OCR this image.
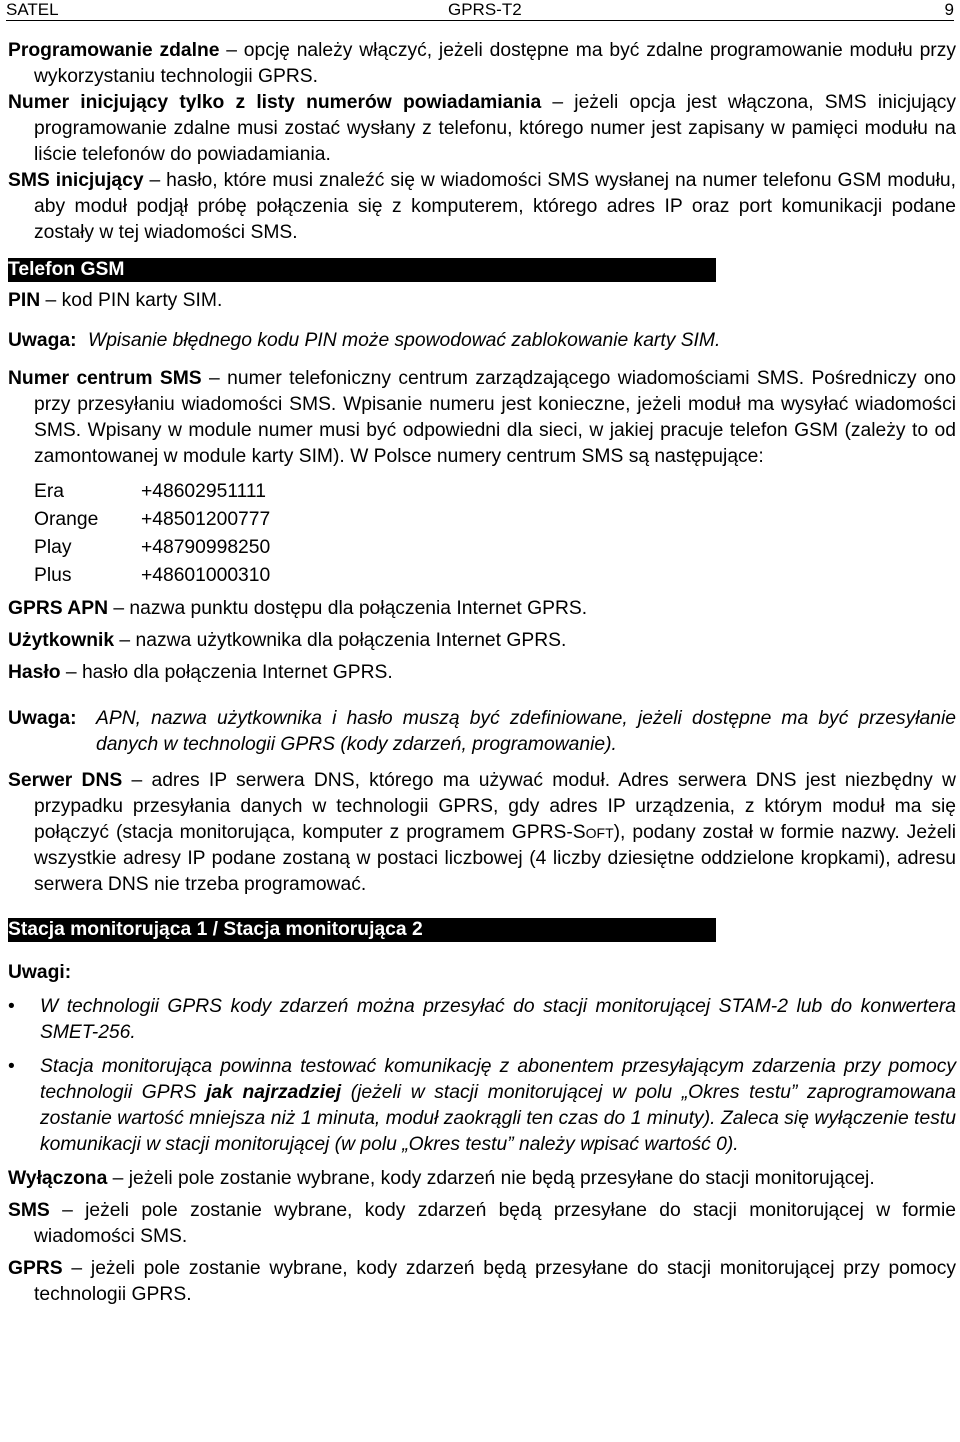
SATEL	GPRS-T2	9

Programowanie zdalne – opcję należy włączyć, jeżeli dostępne ma być zdalne programowanie modułu przy wykorzystaniu technologii GPRS.

Numer inicjujący tylko z listy numerów powiadamiania – jeżeli opcja jest włączona, SMS inicjujący programowanie zdalne musi zostać wysłany z telefonu, którego numer jest zapisany w pamięci modułu na liście telefonów do powiadamiania.

SMS inicjujący – hasło, które musi znaleźć się w wiadomości SMS wysłanej na numer telefonu GSM modułu, aby moduł podjął próbę połączenia się z komputerem, którego adres IP oraz port komunikacji podane zostały w tej wiadomości SMS.

Telefon GSM

PIN – kod PIN karty SIM.

Uwaga: Wpisanie błędnego kodu PIN może spowodować zablokowanie karty SIM.

Numer centrum SMS – numer telefoniczny centrum zarządzającego wiadomościami SMS. Pośredniczy ono przy przesyłaniu wiadomości SMS. Wpisanie numeru jest konieczne, jeżeli moduł ma wysyłać wiadomości SMS. Wpisany w module numer musi być odpowiedni dla sieci, w jakiej pracuje telefon GSM (zależy to od zamontowanej w module karty SIM). W Polsce numery centrum SMS są następujące:

Era	+48602951111
Orange	+48501200777
Play	+48790998250
Plus	+48601000310

GPRS APN – nazwa punktu dostępu dla połączenia Internet GPRS.

Użytkownik – nazwa użytkownika dla połączenia Internet GPRS.

Hasło – hasło dla połączenia Internet GPRS.

Uwaga:	APN, nazwa użytkownika i hasło muszą być zdefiniowane, jeżeli dostępne ma być przesyłanie danych w technologii GPRS (kody zdarzeń, programowanie).

Serwer DNS – adres IP serwera DNS, którego ma używać moduł. Adres serwera DNS jest niezbędny w przypadku przesyłania danych w technologii GPRS, gdy adres IP urządzenia, z którym moduł ma się połączyć (stacja monitorująca, komputer z programem GPRS-Soft), podany został w formie nazwy. Jeżeli wszystkie adresy IP podane zostaną w postaci liczbowej (4 liczby dziesiętne oddzielone kropkami), adresu serwera DNS nie trzeba programować.

Stacja monitorująca 1 / Stacja monitorująca 2
Uwagi:
•	W technologii GPRS kody zdarzeń można przesyłać do stacji monitorującej STAM-2 lub do konwertera SMET-256.
•	Stacja monitorująca powinna testować komunikację z abonentem przesyłającym zdarzenia przy pomocy technologii GPRS jak najrzadziej (jeżeli w stacji monitorującej w polu „Okres testu” zaprogramowana zostanie wartość mniejsza niż 1 minuta, moduł zaokrągli ten czas do 1 minuty). Zaleca się wyłączenie testu komunikacji w stacji monitorującej (w polu „Okres testu” należy wpisać wartość 0).

Wyłączona – jeżeli pole zostanie wybrane, kody zdarzeń nie będą przesyłane do stacji monitorującej.

SMS – jeżeli pole zostanie wybrane, kody zdarzeń będą przesyłane do stacji monitorującej w formie wiadomości SMS.

GPRS – jeżeli pole zostanie wybrane, kody zdarzeń będą przesyłane do stacji monitorującej przy pomocy technologii GPRS.
